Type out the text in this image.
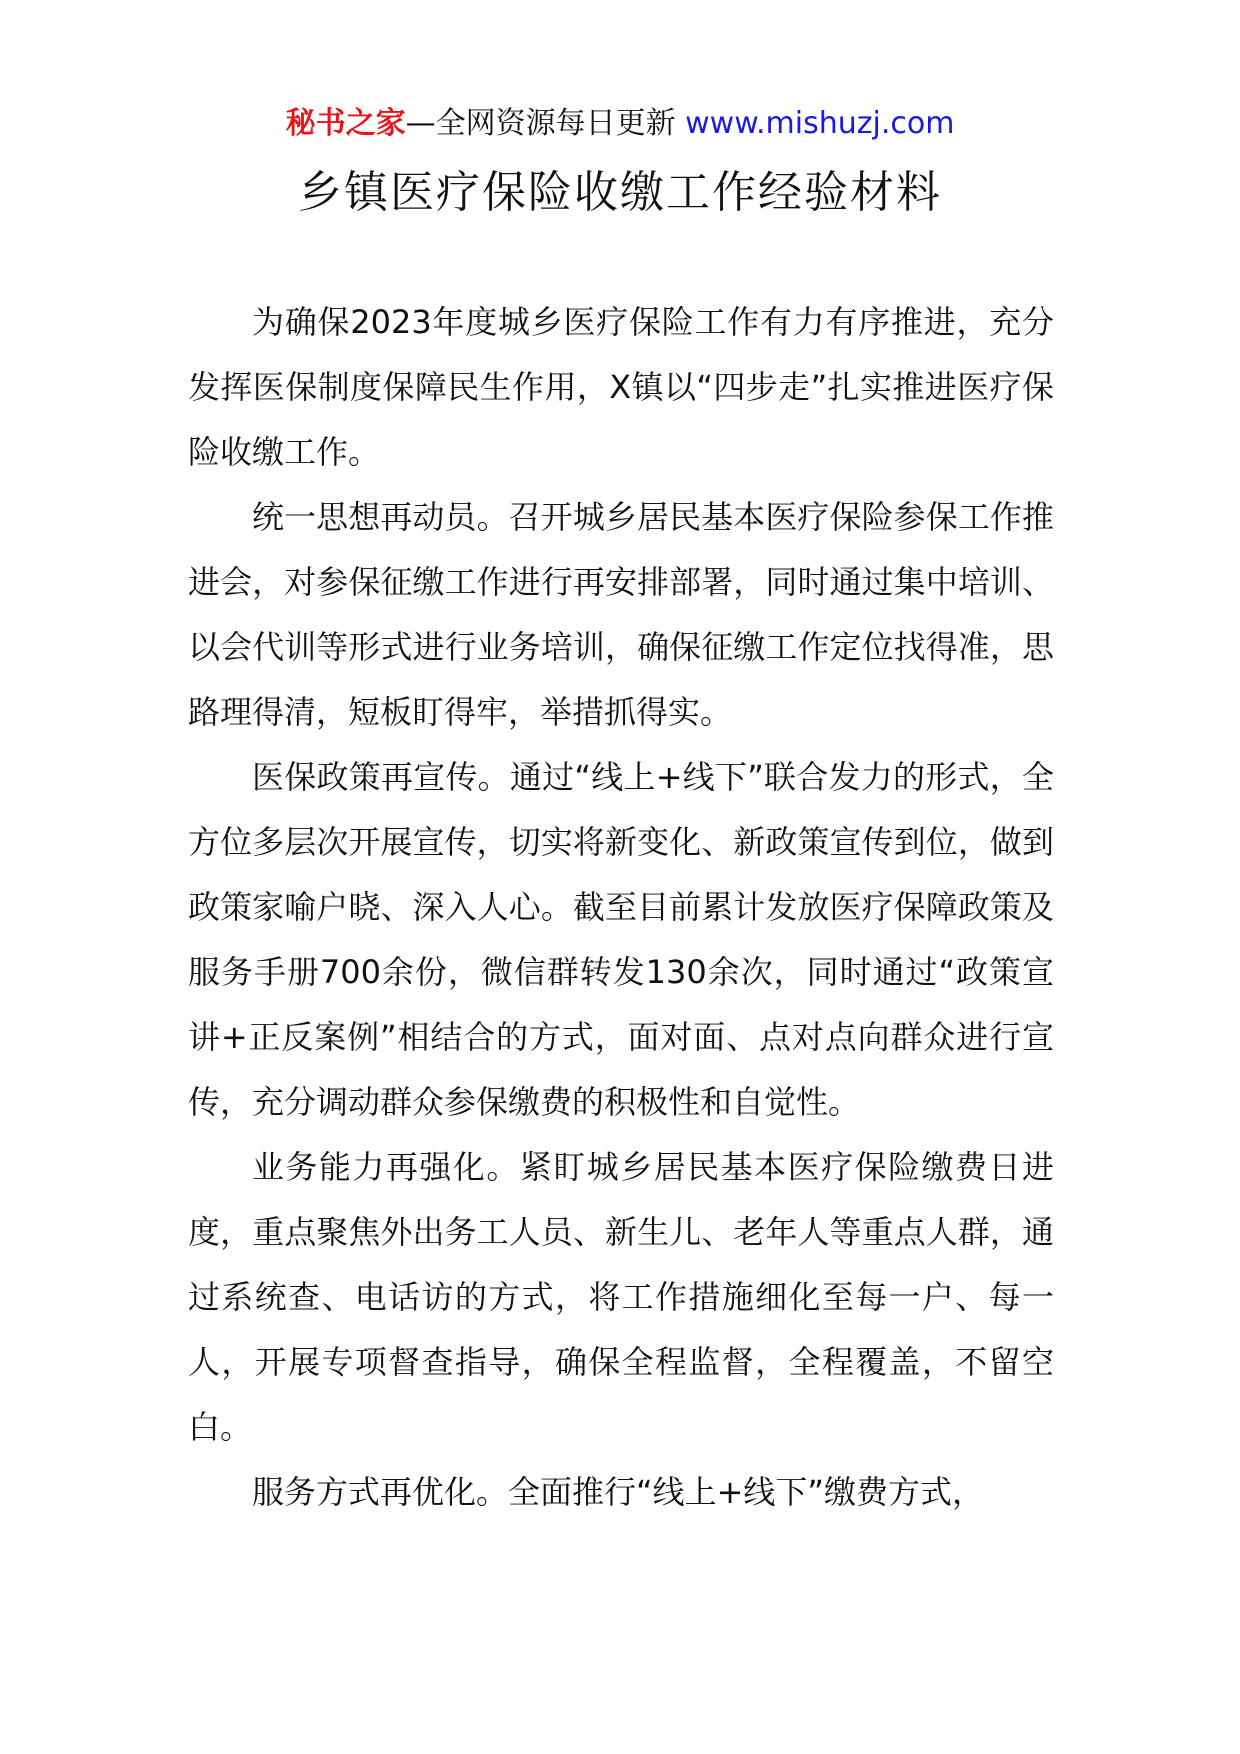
秘书之家—全网资源每日更新 www.mishuzj.com
乡镇医疗保险收缴工作经验材料

为确保2023年度城乡医疗保险工作有力有序推进，充分发挥医保制度保障民生作用，X镇以“四步走”扎实推进医疗保险收缴工作。

统一思想再动员。召开城乡居民基本医疗保险参保工作推进会，对参保征缴工作进行再安排部署，同时通过集中培训、以会代训等形式进行业务培训，确保征缴工作定位找得准，思路理得清，短板盯得牢，举措抓得实。

医保政策再宣传。通过“线上+线下”联合发力的形式，全方位多层次开展宣传，切实将新变化、新政策宣传到位，做到政策家喻户晓、深入人心。截至目前累计发放医疗保障政策及服务手册700余份，微信群转发130余次，同时通过“政策宣讲+正反案例”相结合的方式，面对面、点对点向群众进行宣传，充分调动群众参保缴费的积极性和自觉性。

业务能力再强化。紧盯城乡居民基本医疗保险缴费日进度，重点聚焦外出务工人员、新生儿、老年人等重点人群，通过系统查、电话访的方式，将工作措施细化至每一户、每一人，开展专项督查指导，确保全程监督，全程覆盖，不留空白。

服务方式再优化。全面推行“线上+线下”缴费方式，
